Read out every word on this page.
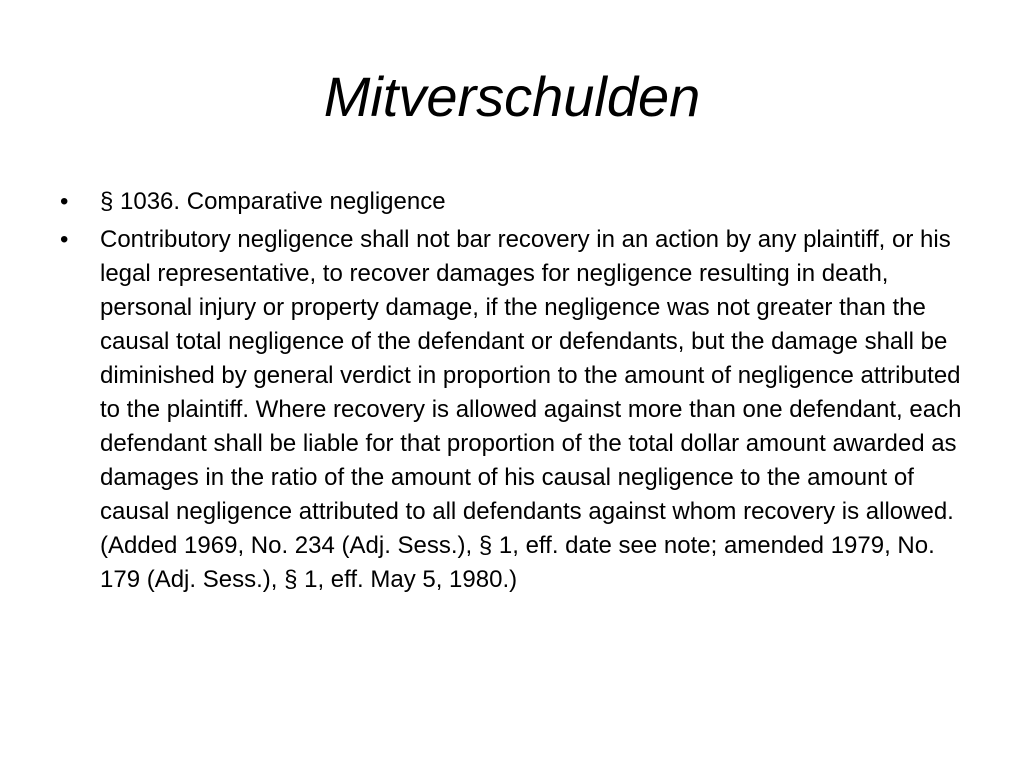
Mitverschulden
• § 1036. Comparative negligence
• Contributory negligence shall not bar recovery in an action by any plaintiff, or his legal representative, to recover damages for negligence resulting in death, personal injury or property damage, if the negligence was not greater than the causal total negligence of the defendant or defendants, but the damage shall be diminished by general verdict in proportion to the amount of negligence attributed to the plaintiff. Where recovery is allowed against more than one defendant, each defendant shall be liable for that proportion of the total dollar amount awarded as damages in the ratio of the amount of his causal negligence to the amount of causal negligence attributed to all defendants against whom recovery is allowed. (Added 1969, No. 234 (Adj. Sess.), § 1, eff. date see note; amended 1979, No. 179 (Adj. Sess.), § 1, eff. May 5, 1980.)
